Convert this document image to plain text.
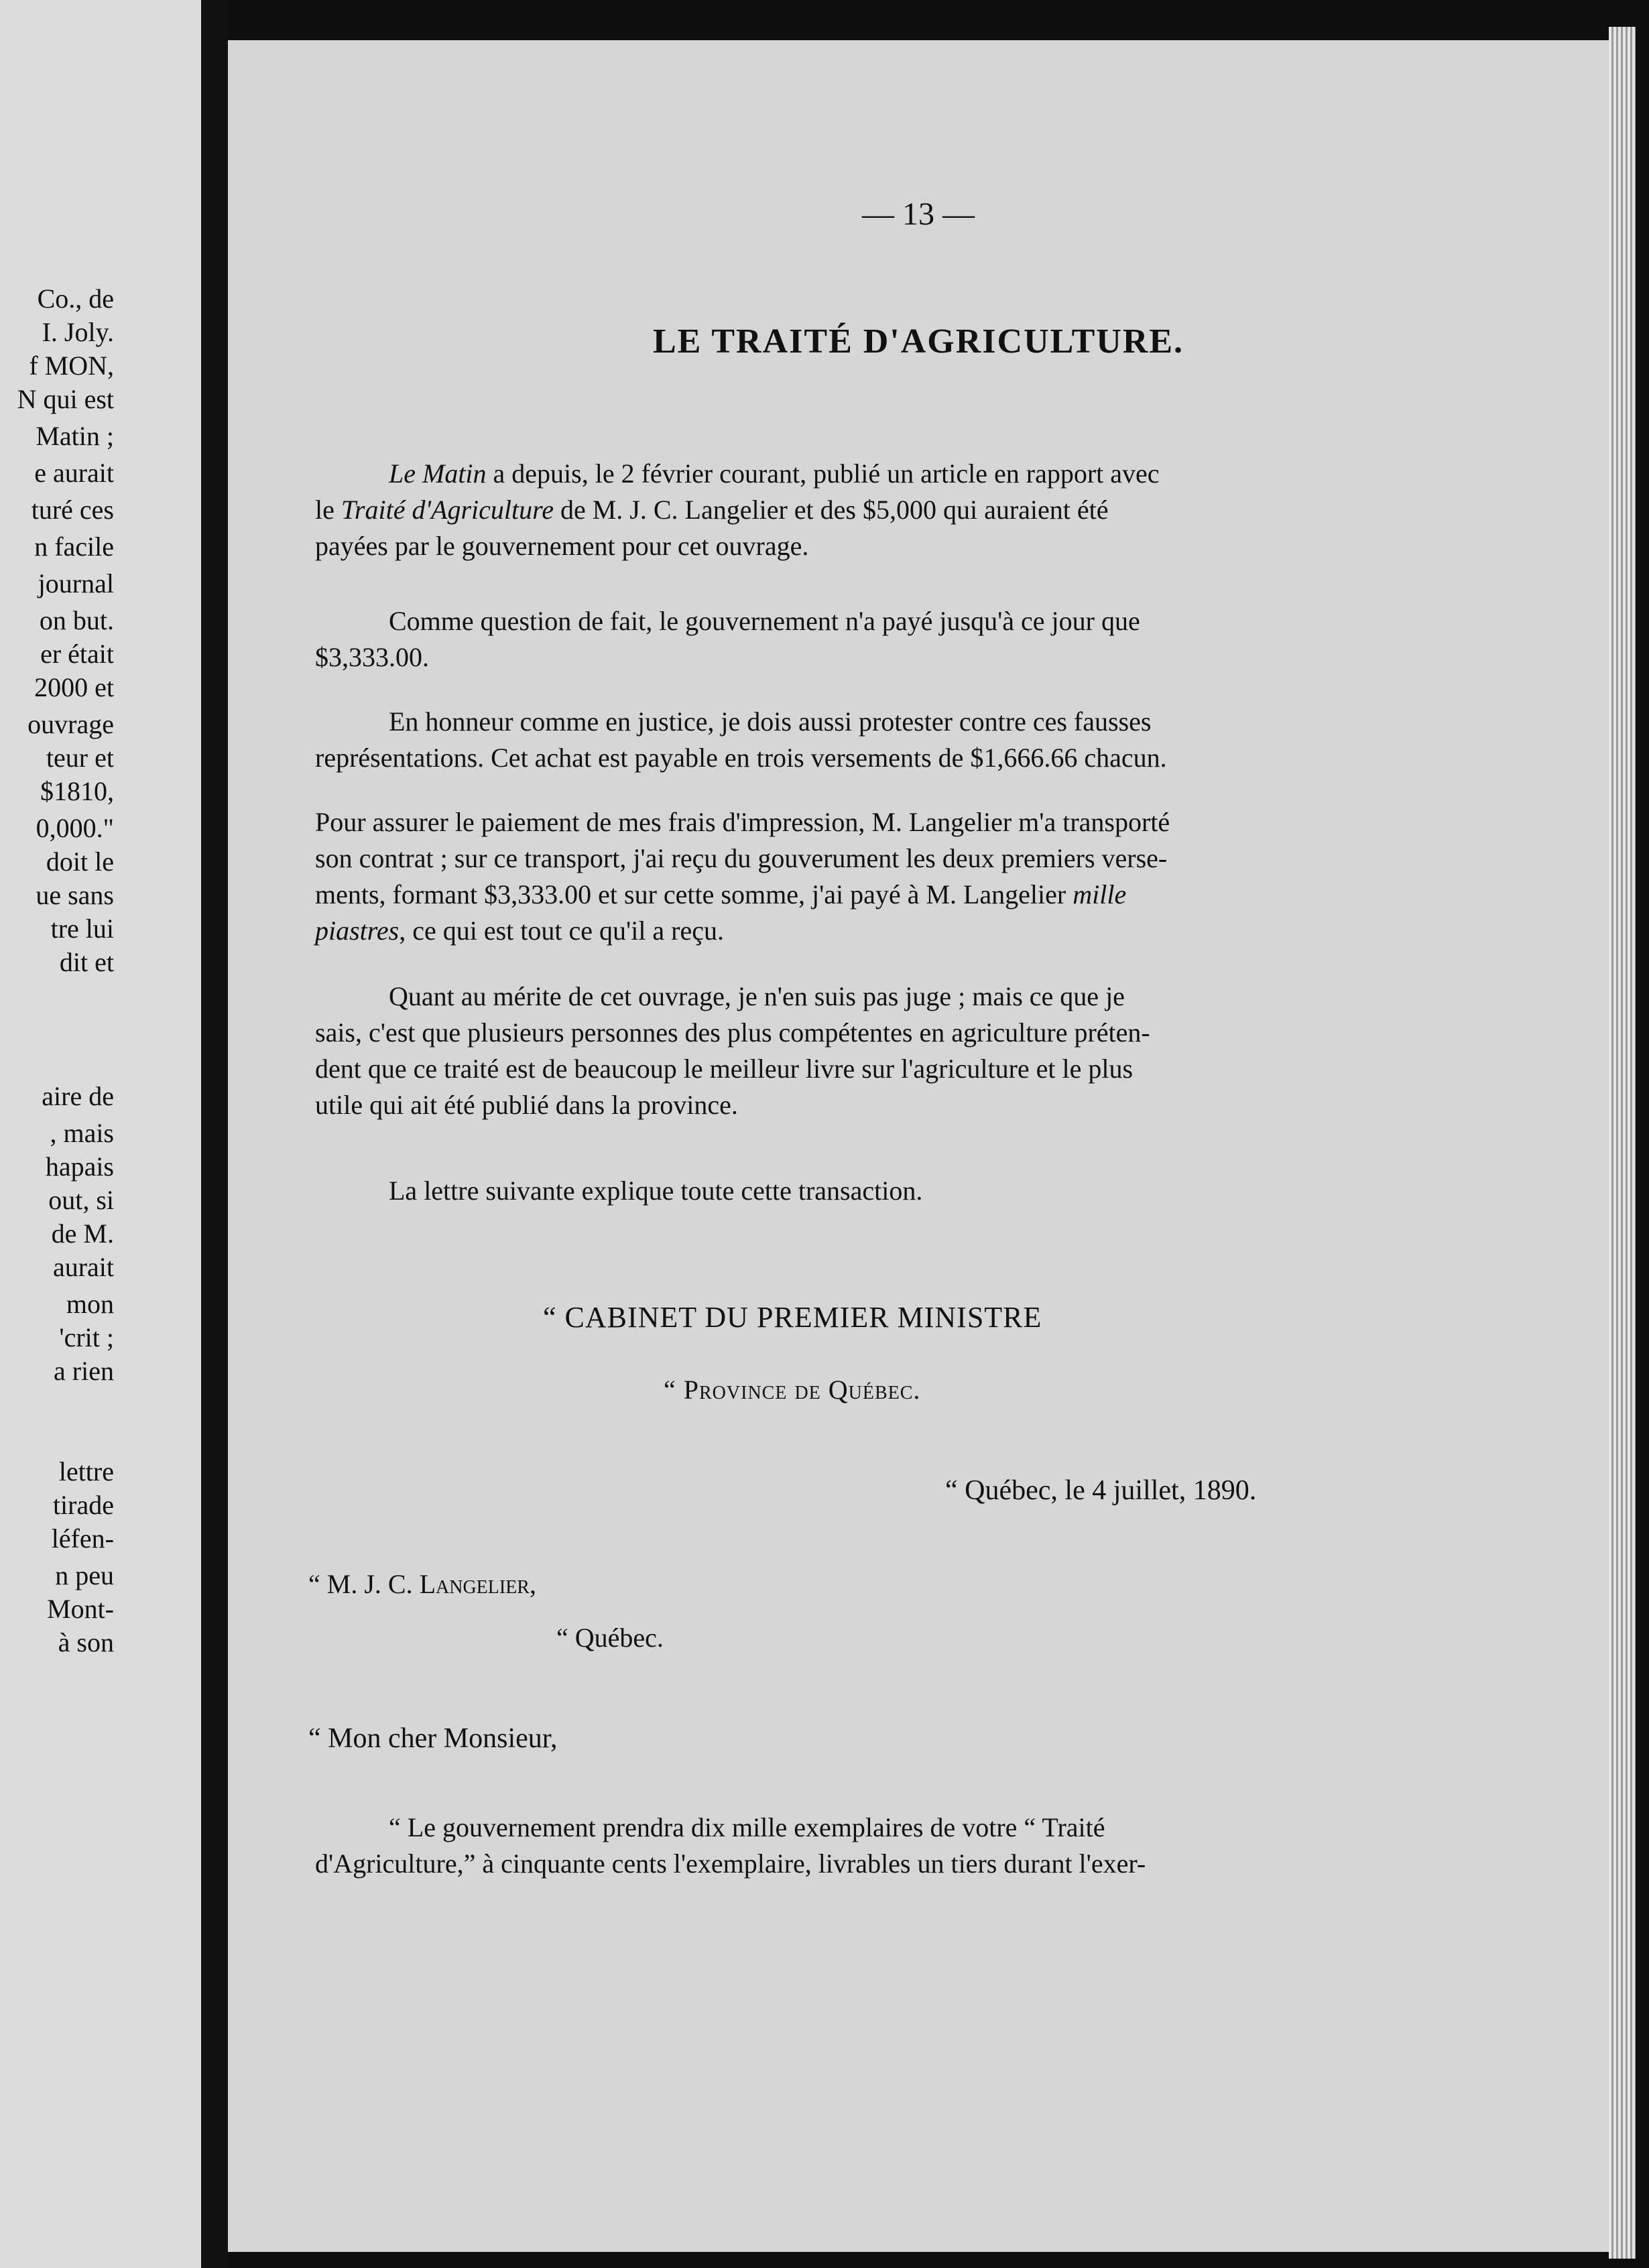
Co., de
I. Joly.
f MON,
N qui est
Matin ;
e aurait
turé ces
n facile
journal
on but.
er était
2000 et
ouvrage
teur et
$1810,
0,000."
doit le
ue sans
tre lui
dit et
aire de
, mais
hapais
out, si
de M.
aurait
mon
'crit ;
a rien
lettre
tirade
léfen-
n peu
Mont-
à son
— 13 —
LE TRAITÉ D'AGRICULTURE.
Le Matin a depuis, le 2 février courant, publié un article en rapport avec
le Traité d'Agriculture de M. J. C. Langelier et des $5,000 qui auraient été
payées par le gouvernement pour cet ouvrage.
Comme question de fait, le gouvernement n'a payé jusqu'à ce jour que
$3,333.00.
En honneur comme en justice, je dois aussi protester contre ces fausses
représentations. Cet achat est payable en trois versements de $1,666.66 chacun.
Pour assurer le paiement de mes frais d'impression, M. Langelier m'a transporté
son contrat ; sur ce transport, j'ai reçu du gouverument les deux premiers verse-
ments, formant $3,333.00 et sur cette somme, j'ai payé à M. Langelier mille
piastres, ce qui est tout ce qu'il a reçu.
Quant au mérite de cet ouvrage, je n'en suis pas juge ; mais ce que je
sais, c'est que plusieurs personnes des plus compétentes en agriculture préten-
dent que ce traité est de beaucoup le meilleur livre sur l'agriculture et le plus
utile qui ait été publié dans la province.
La lettre suivante explique toute cette transaction.
“ CABINET DU PREMIER MINISTRE
“ Province de Québec.
“ Québec, le 4 juillet, 1890.
“ M. J. C. Langelier,
“ Québec.
“ Mon cher Monsieur,
“ Le gouvernement prendra dix mille exemplaires de votre “ Traité
d'Agriculture,” à cinquante cents l'exemplaire, livrables un tiers durant l'exer-
